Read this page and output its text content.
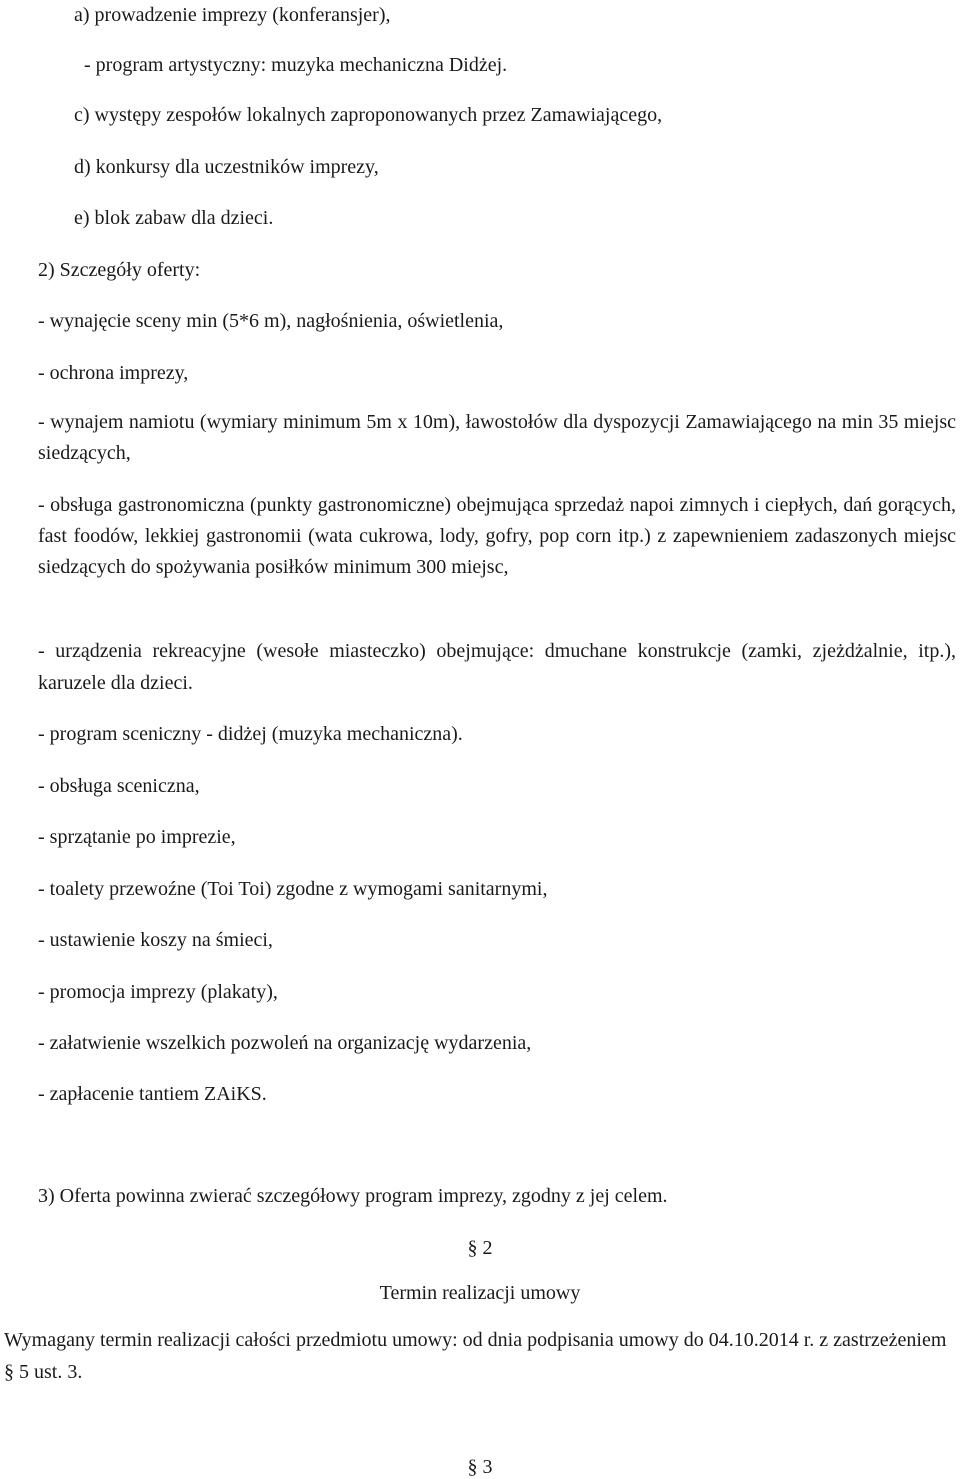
a) prowadzenie imprezy (konferansjer),

- program artystyczny: muzyka mechaniczna Didżej.

c) występy zespołów lokalnych zaproponowanych przez Zamawiającego,

d) konkursy dla uczestników imprezy,

e) blok zabaw dla dzieci.

2) Szczegóły oferty:

- wynajęcie sceny min (5*6 m), nagłośnienia, oświetlenia,

- ochrona imprezy,

- wynajem namiotu (wymiary minimum 5m x 10m), ławostołów dla dyspozycji Zamawiającego na min 35 miejsc siedzących,

- obsługa gastronomiczna (punkty gastronomiczne) obejmująca sprzedaż napoi zimnych i ciepłych, dań gorących, fast foodów, lekkiej gastronomii (wata cukrowa, lody, gofry, pop corn itp.) z zapewnieniem zadaszonych miejsc siedzących do spożywania posiłków minimum 300 miejsc,

- urządzenia rekreacyjne (wesołe miasteczko) obejmujące: dmuchane konstrukcje (zamki, zjeżdżalnie, itp.), karuzele dla dzieci.

- program sceniczny - didżej (muzyka mechaniczna).

- obsługa sceniczna,

- sprzątanie po imprezie,

- toalety przewoźne (Toi Toi) zgodne z wymogami sanitarnymi,

- ustawienie koszy na śmieci,

- promocja imprezy (plakaty),

- załatwienie wszelkich pozwoleń na organizację wydarzenia,

- zapłacenie tantiem ZAiKS.

3) Oferta powinna zwierać szczegółowy program imprezy, zgodny z jej celem.

§ 2

Termin realizacji umowy

Wymagany termin realizacji całości przedmiotu umowy: od dnia podpisania umowy do 04.10.2014 r. z zastrzeżeniem § 5 ust. 3.

§ 3
